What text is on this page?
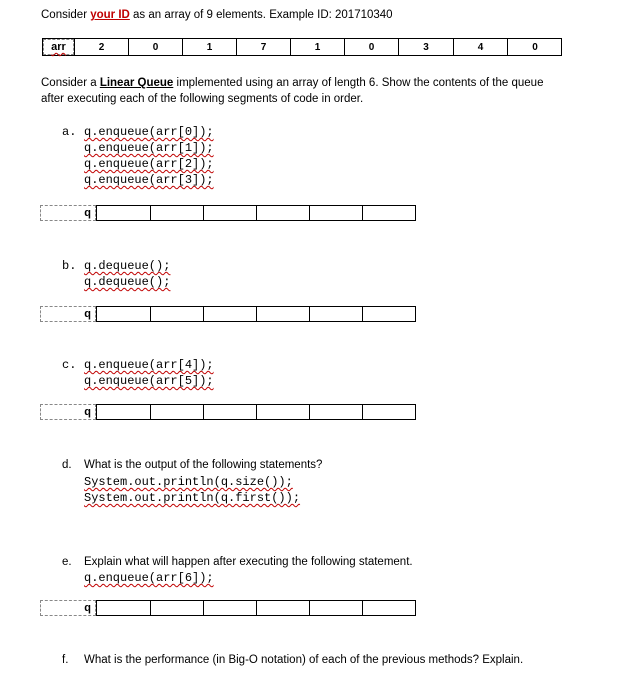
Consider your ID as an array of 9 elements. Example ID: 201710340
arr	2	0	1	7	1	0	3	4	0
Consider a Linear Queue implemented using an array of length 6. Show the contents of the queue
after executing each of the following segments of code in order.
a. q.enqueue(arr[0]);
q.enqueue(arr[1]);
q.enqueue(arr[2]);
q.enqueue(arr[3]);
q
b. q.dequeue();
q.dequeue();
q
c. q.enqueue(arr[4]);
q.enqueue(arr[5]);
q
d. What is the output of the following statements?
System.out.println(q.size());
System.out.println(q.first());
e. Explain what will happen after executing the following statement.
q.enqueue(arr[6]);
q
f. What is the performance (in Big-O notation) of each of the previous methods? Explain.
